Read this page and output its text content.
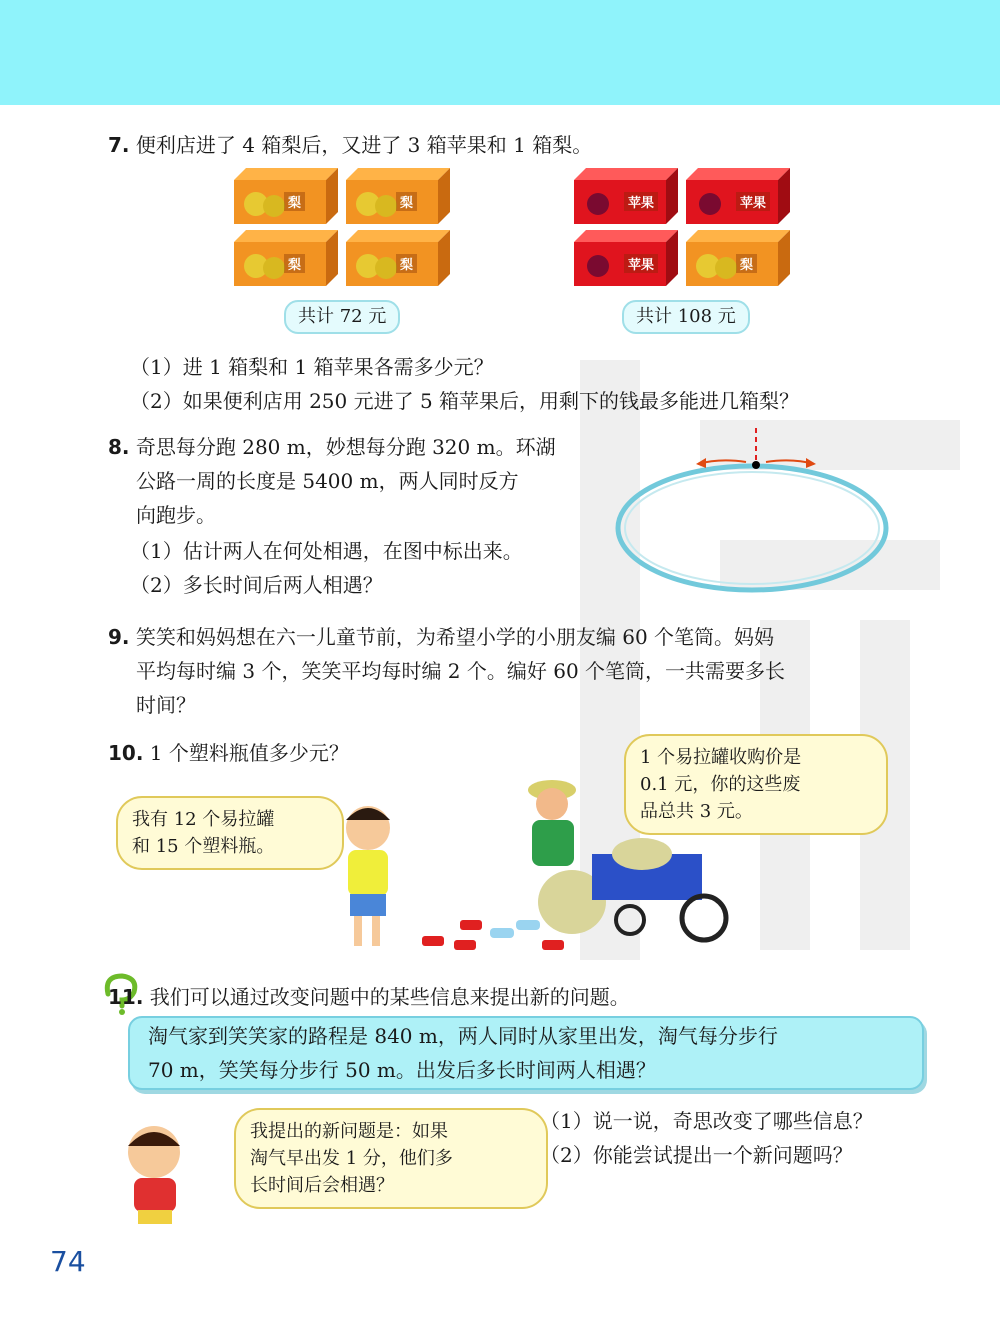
7. 便利店进了 4 箱梨后，又进了 3 箱苹果和 1 箱梨。
梨	梨
梨	梨
苹果	苹果
苹果	梨
共计 72 元	共计 108 元
（1）进 1 箱梨和 1 箱苹果各需多少元？
（2）如果便利店用 250 元进了 5 箱苹果后，用剩下的钱最多能进几箱梨？
8. 奇思每分跑 280 m，妙想每分跑 320 m。环湖
公路一周的长度是 5400 m，两人同时反方
向跑步。
（1）估计两人在何处相遇，在图中标出来。
（2）多长时间后两人相遇？
9. 笑笑和妈妈想在六一儿童节前，为希望小学的小朋友编 60 个笔筒。妈妈
平均每时编 3 个，笑笑平均每时编 2 个。编好 60 个笔筒，一共需要多长
时间？
10. 1 个塑料瓶值多少元？
我有 12 个易拉罐
和 15 个塑料瓶。
1 个易拉罐收购价是
0.1 元，你的这些废
品总共 3 元。
11. 我们可以通过改变问题中的某些信息来提出新的问题。
淘气家到笑笑家的路程是 840 m，两人同时从家里出发，淘气每分步行
70 m，笑笑每分步行 50 m。出发后多长时间两人相遇？
我提出的新问题是：如果
淘气早出发 1 分，他们多
长时间后会相遇？
（1）说一说，奇思改变了哪些信息？
（2）你能尝试提出一个新问题吗？
74
